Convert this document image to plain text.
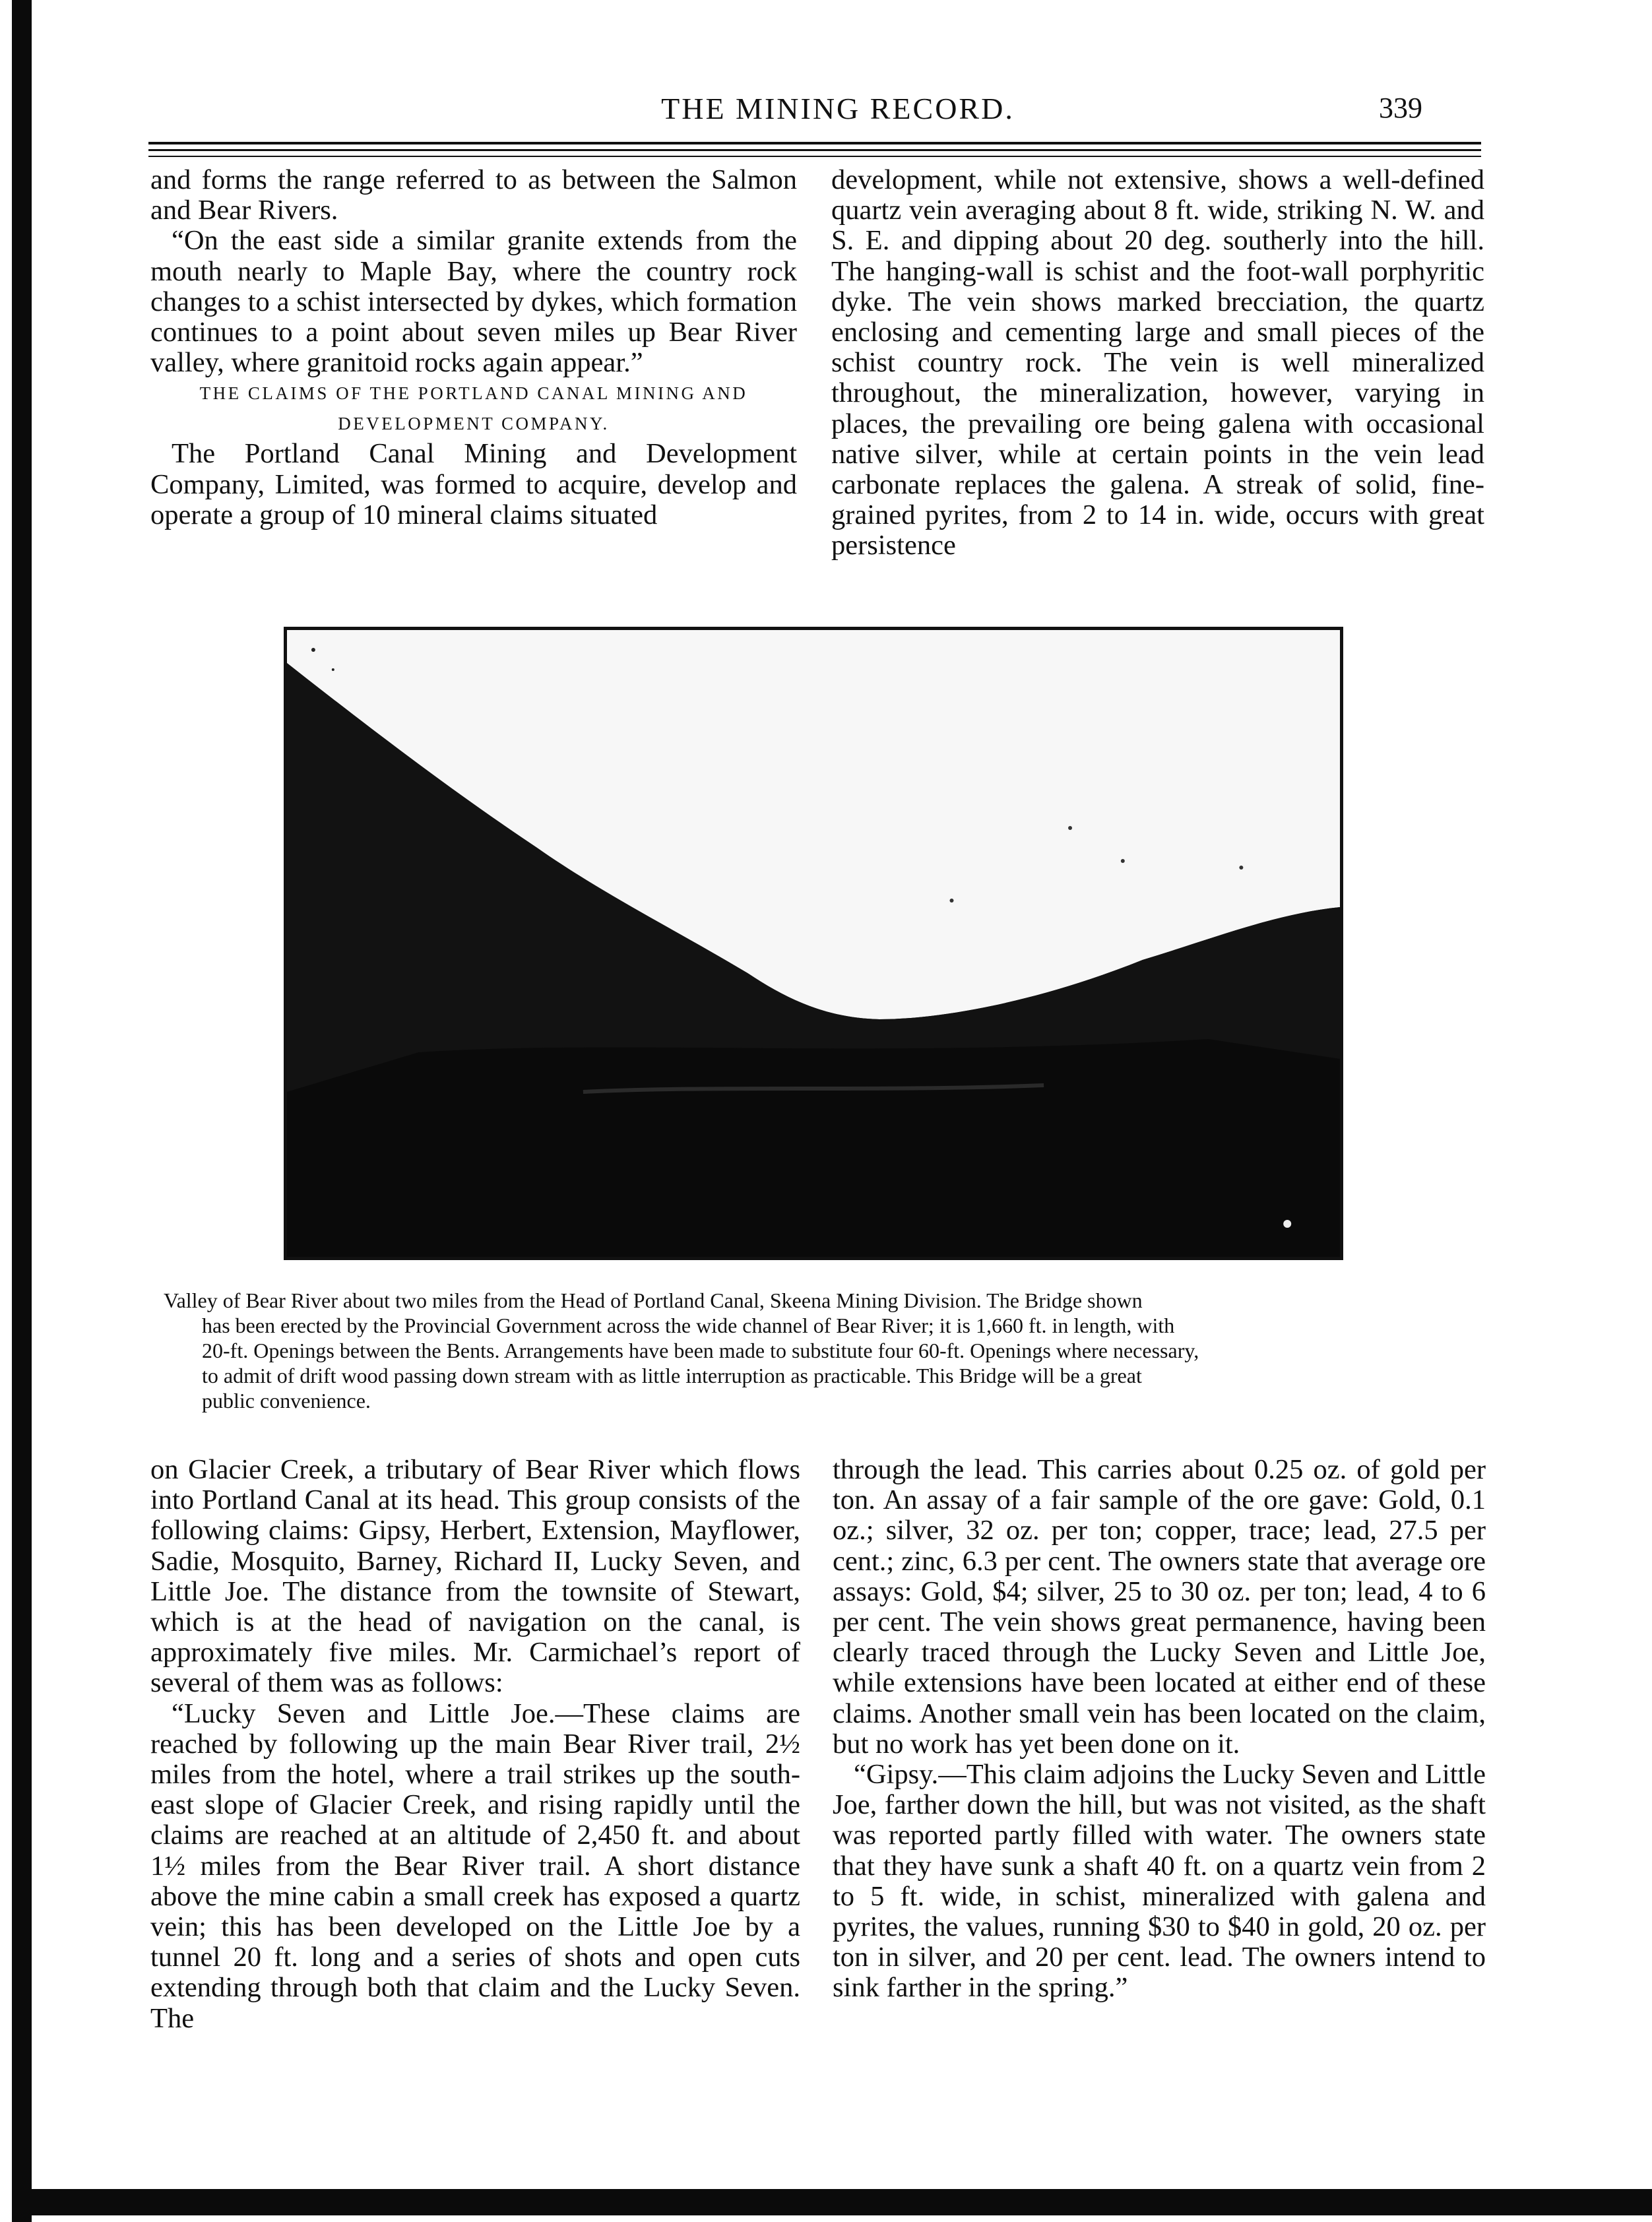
THE MINING RECORD.	339

and forms the range referred to as between the Salmon and Bear Rivers.

“On the east side a similar granite extends from the mouth nearly to Maple Bay, where the country rock changes to a schist intersected by dykes, which formation continues to a point about seven miles up Bear River valley, where granitoid rocks again appear.”

THE CLAIMS OF THE PORTLAND CANAL MINING AND
DEVELOPMENT COMPANY.

The Portland Canal Mining and Development Company, Limited, was formed to acquire, develop and operate a group of 10 mineral claims situated

development, while not extensive, shows a well-defined quartz vein averaging about 8 ft. wide, striking N. W. and S. E. and dipping about 20 deg. southerly into the hill. The hanging-wall is schist and the foot-wall porphyritic dyke. The vein shows marked brecciation, the quartz enclosing and cementing large and small pieces of the schist country rock. The vein is well mineralized throughout, the mineralization, however, varying in places, the prevailing ore being galena with occasional native silver, while at certain points in the vein lead carbonate replaces the galena. A streak of solid, fine-grained pyrites, from 2 to 14 in. wide, occurs with great persistence

Valley of Bear River about two miles from the Head of Portland Canal, Skeena Mining Division. The Bridge shown
has been erected by the Provincial Government across the wide channel of Bear River; it is 1,660 ft. in length, with
20-ft. Openings between the Bents. Arrangements have been made to substitute four 60-ft. Openings where necessary,
to admit of drift wood passing down stream with as little interruption as practicable. This Bridge will be a great
public convenience.

on Glacier Creek, a tributary of Bear River which flows into Portland Canal at its head. This group consists of the following claims: Gipsy, Herbert, Extension, Mayflower, Sadie, Mosquito, Barney, Richard II, Lucky Seven, and Little Joe. The distance from the townsite of Stewart, which is at the head of navigation on the canal, is approximately five miles. Mr. Carmichael’s report of several of them was as follows:

“Lucky Seven and Little Joe.—These claims are reached by following up the main Bear River trail, 2½ miles from the hotel, where a trail strikes up the south-east slope of Glacier Creek, and rising rapidly until the claims are reached at an altitude of 2,450 ft. and about 1½ miles from the Bear River trail. A short distance above the mine cabin a small creek has exposed a quartz vein; this has been developed on the Little Joe by a tunnel 20 ft. long and a series of shots and open cuts extending through both that claim and the Lucky Seven. The

through the lead. This carries about 0.25 oz. of gold per ton. An assay of a fair sample of the ore gave: Gold, 0.1 oz.; silver, 32 oz. per ton; copper, trace; lead, 27.5 per cent.; zinc, 6.3 per cent. The owners state that average ore assays: Gold, $4; silver, 25 to 30 oz. per ton; lead, 4 to 6 per cent. The vein shows great permanence, having been clearly traced through the Lucky Seven and Little Joe, while extensions have been located at either end of these claims. Another small vein has been located on the claim, but no work has yet been done on it.

“Gipsy.—This claim adjoins the Lucky Seven and Little Joe, farther down the hill, but was not visited, as the shaft was reported partly filled with water. The owners state that they have sunk a shaft 40 ft. on a quartz vein from 2 to 5 ft. wide, in schist, mineralized with galena and pyrites, the values, running $30 to $40 in gold, 20 oz. per ton in silver, and 20 per cent. lead. The owners intend to sink farther in the spring.”
